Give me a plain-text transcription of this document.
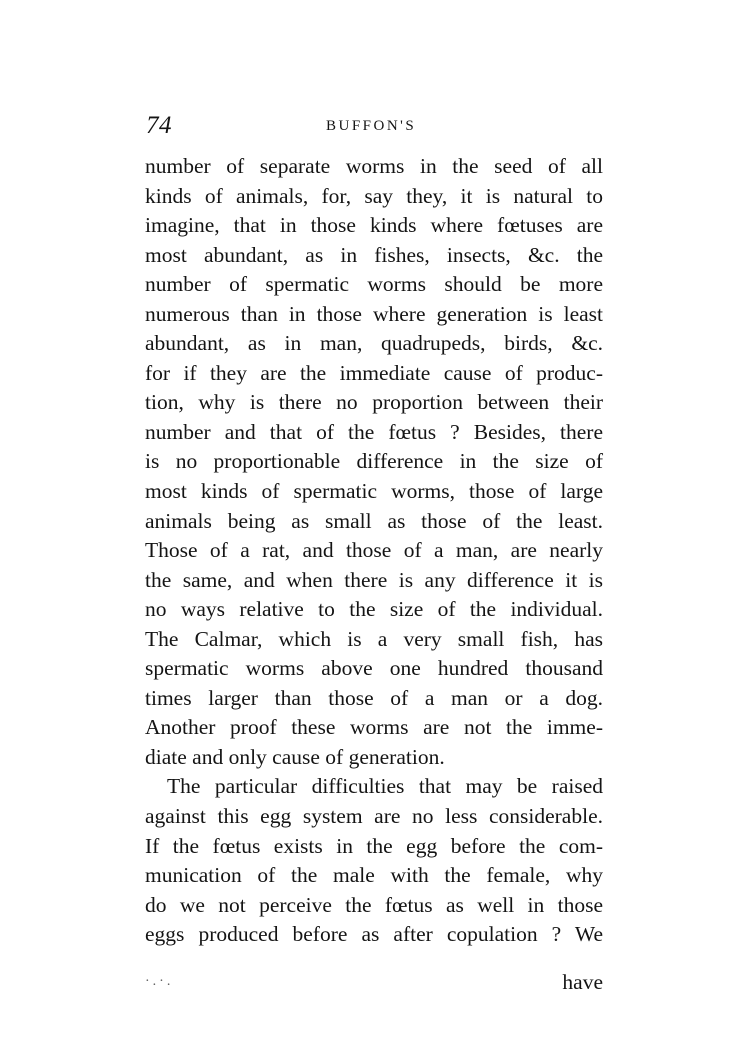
74	BUFFON'S
number of separate worms in the seed of all
kinds of animals, for, say they, it is natural to
imagine, that in those kinds where fœtuses are
most abundant, as in fishes, insects, &c. the
number of spermatic worms should be more
numerous than in those where generation is least
abundant, as in man, quadrupeds, birds, &c.
for if they are the immediate cause of produc-
tion, why is there no proportion between their
number and that of the fœtus ? Besides, there
is no proportionable difference in the size of
most kinds of spermatic worms, those of large
animals being as small as those of the least.
Those of a rat, and those of a man, are nearly
the same, and when there is any difference it is
no ways relative to the size of the individual.
The Calmar, which is a very small fish, has
spermatic worms above one hundred thousand
times larger than those of a man or a dog.
Another proof these worms are not the imme-
diate and only cause of generation.
The particular difficulties that may be raised
against this egg system are no less considerable.
If the fœtus exists in the egg before the com-
munication of the male with the female, why
do we not perceive the fœtus as well in those
eggs produced before as after copulation ? We
·.·.	have
